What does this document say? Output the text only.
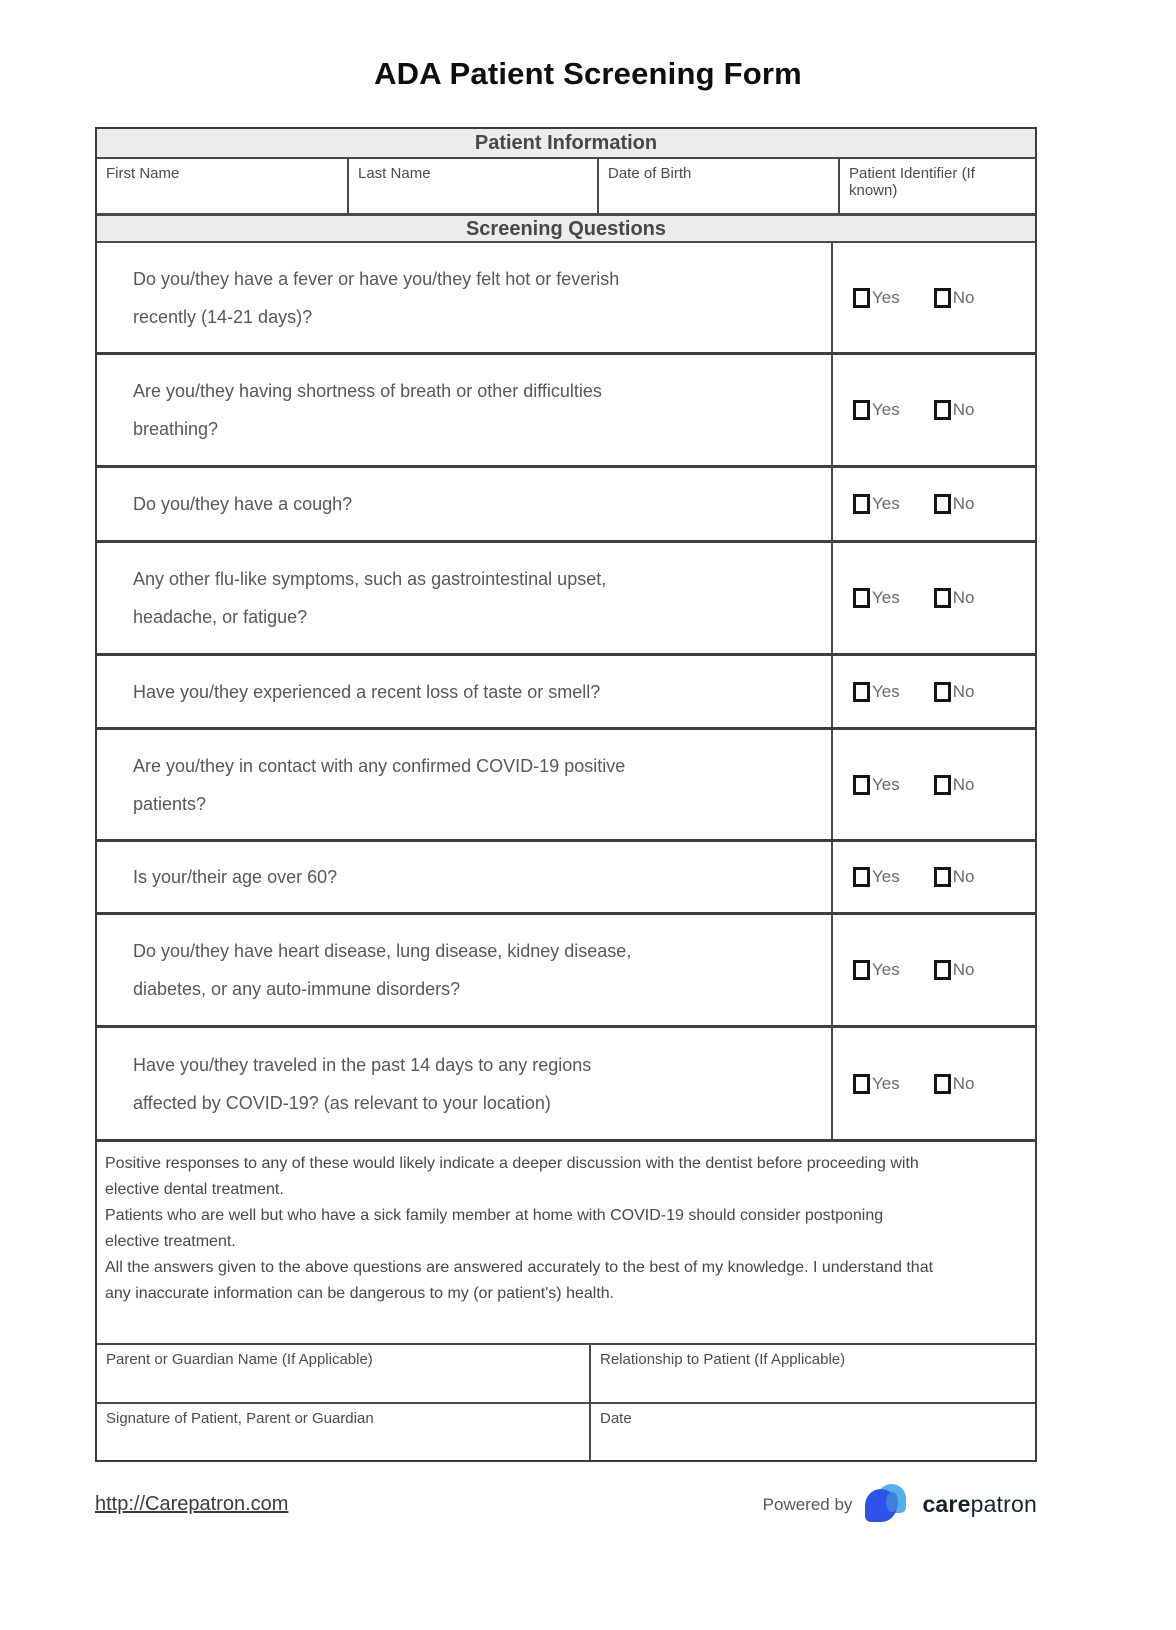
ADA Patient Screening Form
Patient Information
First Name	Last Name	Date of Birth	Patient Identifier (If known)
Screening Questions
Do you/they have a fever or have you/they felt hot or feverish
recently (14-21 days)?
Yes	No
Are you/they having shortness of breath or other difficulties
breathing?
Yes	No
Do you/they have a cough?	Yes	No
Any other flu-like symptoms, such as gastrointestinal upset,
headache, or fatigue?
Yes	No
Have you/they experienced a recent loss of taste or smell?	Yes	No
Are you/they in contact with any confirmed COVID-19 positive
patients?
Yes	No
Is your/their age over 60?	Yes	No
Do you/they have heart disease, lung disease, kidney disease,
diabetes, or any auto-immune disorders?
Yes	No
Have you/they traveled in the past 14 days to any regions
affected by COVID-19? (as relevant to your location)
Yes	No
Positive responses to any of these would likely indicate a deeper discussion with the dentist before proceeding with
elective dental treatment.
Patients who are well but who have a sick family member at home with COVID-19 should consider postponing
elective treatment.
All the answers given to the above questions are answered accurately to the best of my knowledge. I understand that
any inaccurate information can be dangerous to my (or patient's) health.
Parent or Guardian Name (If Applicable)	Relationship to Patient (If Applicable)
Signature of Patient, Parent or Guardian	Date
http://Carepatron.com	Powered by	carepatron
